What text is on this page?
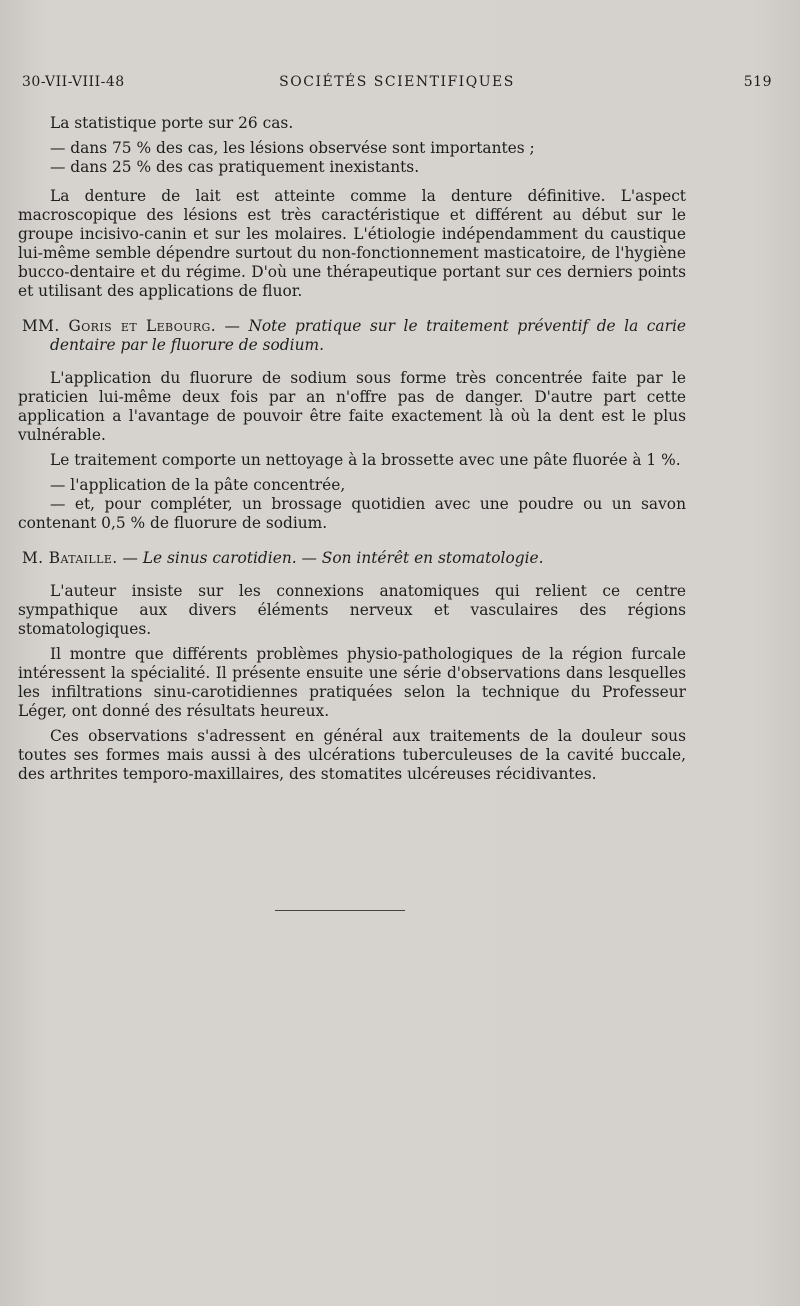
30-VII-VIII-48	SOCIÉTÉS SCIENTIFIQUES	519

La statistique porte sur 26 cas.

— dans 75 % des cas, les lésions observése sont importantes ;

— dans 25 % des cas pratiquement inexistants.

La denture de lait est atteinte comme la denture définitive. L'aspect macroscopique des lésions est très caractéristique et différent au début sur le groupe incisivo-canin et sur les molaires. L'étiologie indépendamment du caustique lui-même semble dépendre surtout du non-fonctionnement masticatoire, de l'hygiène bucco-dentaire et du régime. D'où une thérapeutique portant sur ces derniers points et utilisant des applications de fluor.

MM. Goris et Lebourg. — Note pratique sur le traitement préventif de la carie dentaire par le fluorure de sodium.

L'application du fluorure de sodium sous forme très concentrée faite par le praticien lui-même deux fois par an n'offre pas de danger. D'autre part cette application a l'avantage de pouvoir être faite exactement là où la dent est le plus vulnérable.

Le traitement comporte un nettoyage à la brossette avec une pâte fluorée à 1 %.

— l'application de la pâte concentrée,

— et, pour compléter, un brossage quotidien avec une poudre ou un savon contenant 0,5 % de fluorure de sodium.

M. Bataille. — Le sinus carotidien. — Son intérêt en stomatologie.

L'auteur insiste sur les connexions anatomiques qui relient ce centre sympathique aux divers éléments nerveux et vasculaires des régions stomatologiques.

Il montre que différents problèmes physio-pathologiques de la région furcale intéressent la spécialité. Il présente ensuite une série d'observations dans lesquelles les infiltrations sinu-carotidiennes pratiquées selon la technique du Professeur Léger, ont donné des résultats heureux.

Ces observations s'adressent en général aux traitements de la douleur sous toutes ses formes mais aussi à des ulcérations tuberculeuses de la cavité buccale, des arthrites temporo-maxillaires, des stomatites ulcéreuses récidivantes.
